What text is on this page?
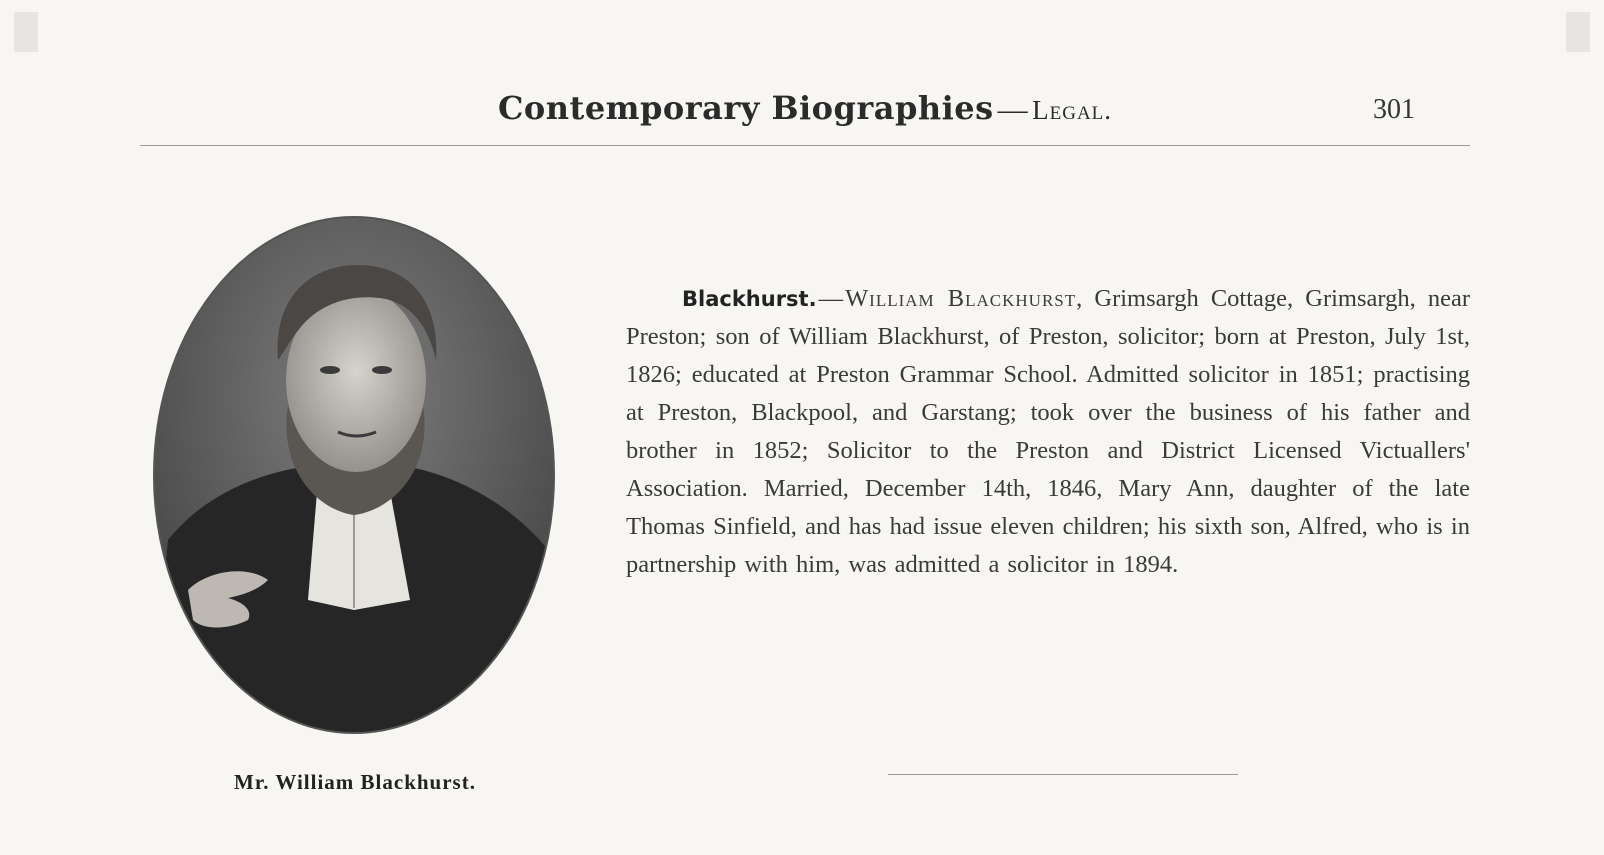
Contemporary Biographies — Legal.	301
Mr. William Blackhurst.
Blackhurst.—William Blackhurst, Grimsargh Cottage, Grimsargh, near Preston; son of William Blackhurst, of Preston, solicitor; born at Preston, July 1st, 1826; educated at Preston Grammar School. Admitted solicitor in 1851; practising at Preston, Blackpool, and Garstang; took over the business of his father and brother in 1852; Solicitor to the Preston and District Licensed Victuallers' Association. Married, December 14th, 1846, Mary Ann, daughter of the late Thomas Sinfield, and has had issue eleven children; his sixth son, Alfred, who is in partnership with him, was admitted a solicitor in 1894.
